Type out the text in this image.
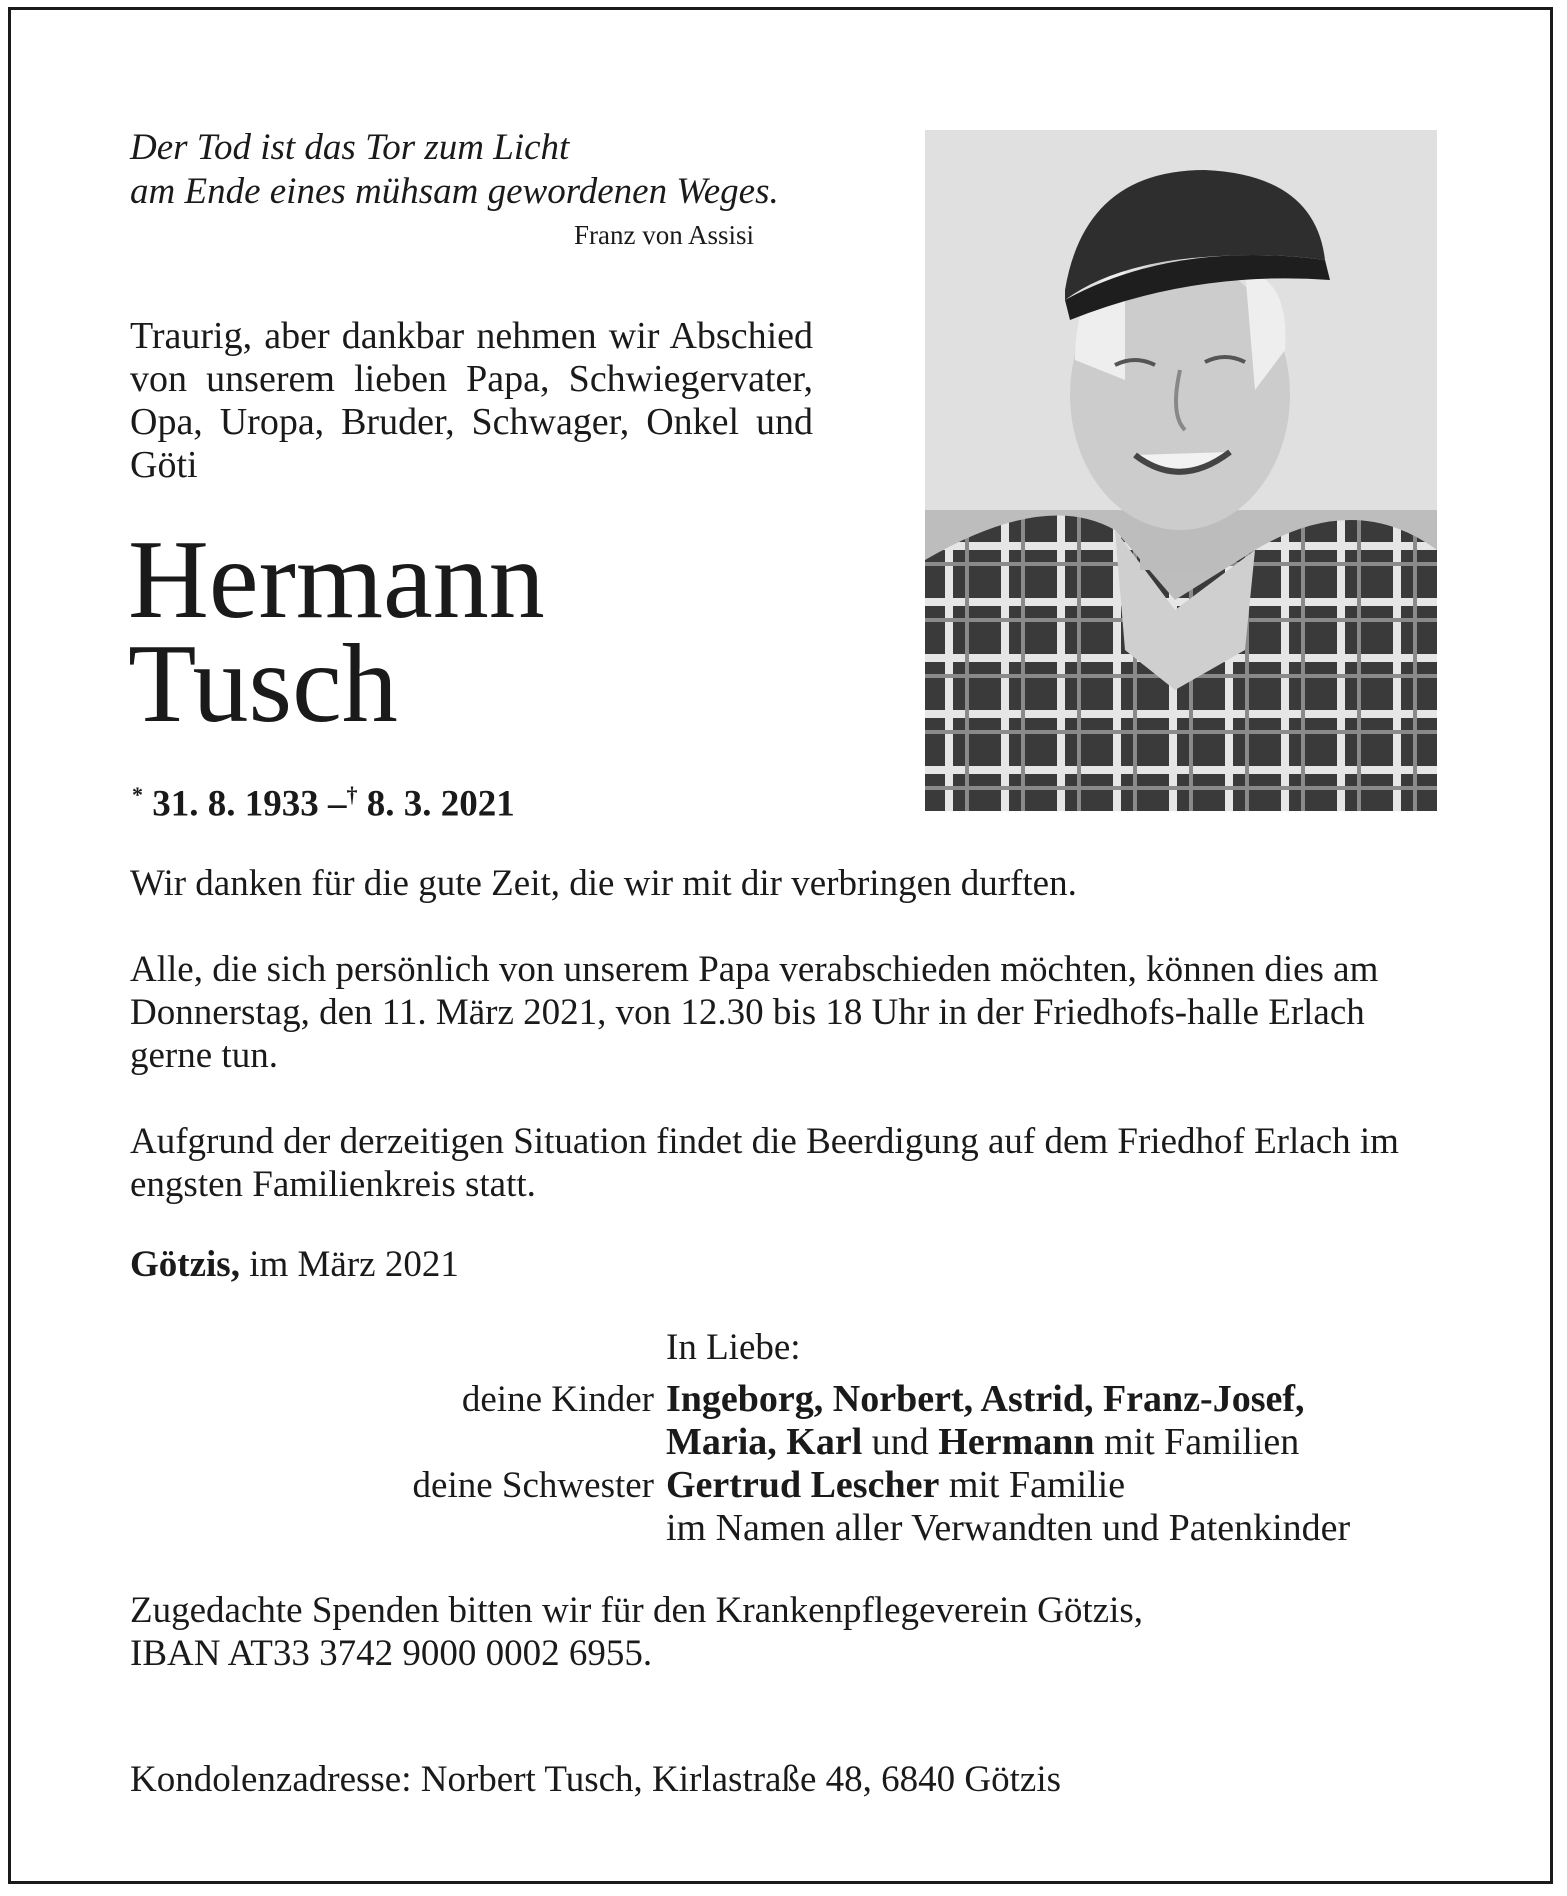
Der Tod ist das Tor zum Licht
am Ende eines mühsam gewordenen Weges.
Franz von Assisi
Traurig, aber dankbar nehmen wir Abschied von unserem lieben Papa, Schwiegervater, Opa, Uropa, Bruder, Schwager, Onkel und Göti
Hermann
Tusch
* 31. 8. 1933 –† 8. 3. 2021
Wir danken für die gute Zeit, die wir mit dir verbringen durften.
Alle, die sich persönlich von unserem Papa verabschieden möchten, können dies am Donnerstag, den 11. März 2021, von 12.30 bis 18 Uhr in der Friedhofs-halle Erlach gerne tun.
Aufgrund der derzeitigen Situation findet die Beerdigung auf dem Friedhof Erlach im engsten Familienkreis statt.
Götzis, im März 2021
In Liebe:
deine Kinder
deine Schwester
Ingeborg, Norbert, Astrid, Franz-Josef,
Maria, Karl und Hermann mit Familien
Gertrud Lescher mit Familie
im Namen aller Verwandten und Patenkinder
Zugedachte Spenden bitten wir für den Krankenpflegeverein Götzis,
IBAN AT33 3742 9000 0002 6955.
Kondolenzadresse: Norbert Tusch, Kirlastraße 48, 6840 Götzis
